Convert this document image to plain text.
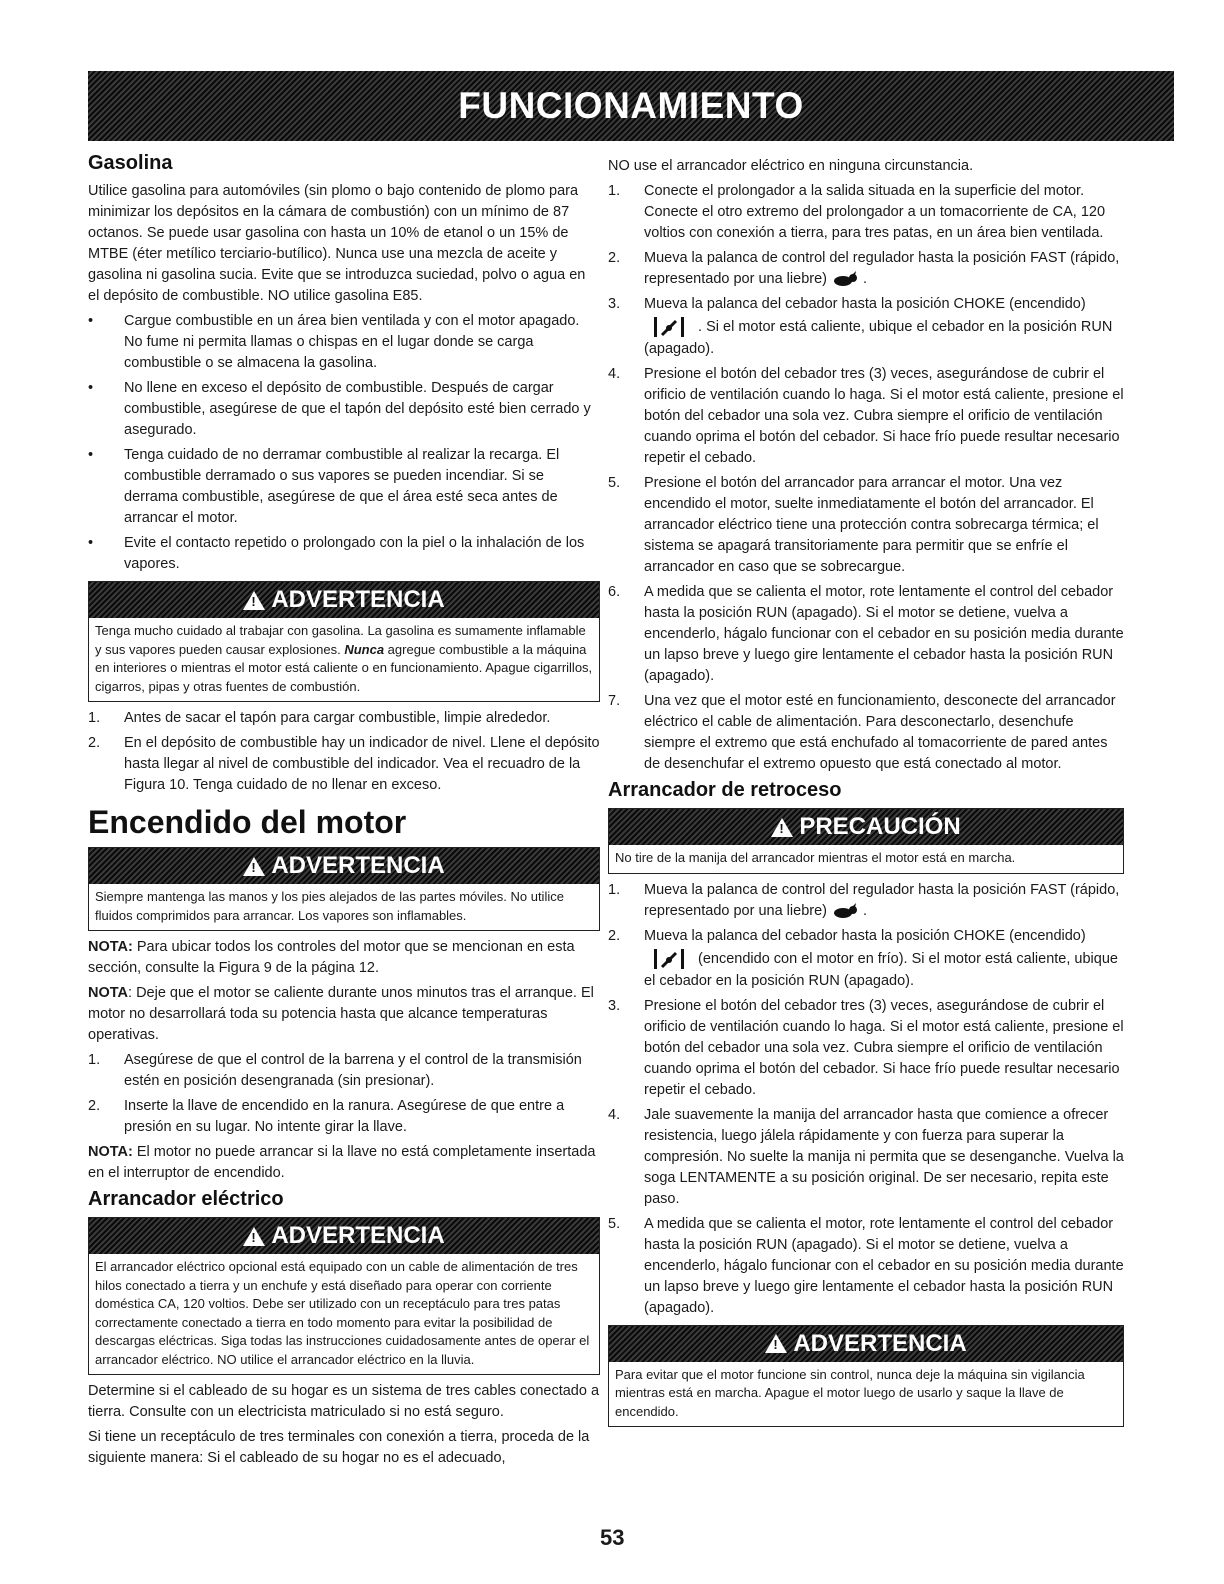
FUNCIONAMIENTO
Gasolina

Utilice gasolina para automóviles (sin plomo o bajo contenido de plomo para minimizar los depósitos en la cámara de combustión) con un mínimo de 87 octanos. Se puede usar gasolina con hasta un 10% de etanol o un 15% de MTBE (éter metílico terciario-butílico). Nunca use una mezcla de aceite y gasolina ni gasolina sucia. Evite que se introduzca suciedad, polvo o agua en el depósito de combustible. NO utilice gasolina E85.

•	Cargue combustible en un área bien ventilada y con el motor apagado. No fume ni permita llamas o chispas en el lugar donde se carga combustible o se almacena la gasolina.
•	No llene en exceso el depósito de combustible. Después de cargar combustible, asegúrese de que el tapón del depósito esté bien cerrado y asegurado.
•	Tenga cuidado de no derramar combustible al realizar la recarga. El combustible derramado o sus vapores se pueden incendiar. Si se derrama combustible, asegúrese de que el área esté seca antes de arrancar el motor.
•	Evite el contacto repetido o prolongado con la piel o la inhalación de los vapores.
!
ADVERTENCIA
Tenga mucho cuidado al trabajar con gasolina. La gasolina es sumamente inflamable y sus vapores pueden causar explosiones. Nunca agregue combustible a la máquina en interiores o mientras el motor está caliente o en funcionamiento. Apague cigarrillos, cigarros, pipas y otras fuentes de combustión.
1.	Antes de sacar el tapón para cargar combustible, limpie alrededor.
2.	En el depósito de combustible hay un indicador de nivel. Llene el depósito hasta llegar al nivel de combustible del indicador. Vea el recuadro de la Figura 10. Tenga cuidado de no llenar en exceso.
Encendido del motor
!
ADVERTENCIA
Siempre mantenga las manos y los pies alejados de las partes móviles. No utilice fluidos comprimidos para arrancar. Los vapores son inflamables.

NOTA: Para ubicar todos los controles del motor que se mencionan en esta sección, consulte la Figura 9 de la página 12.

NOTA: Deje que el motor se caliente durante unos minutos tras el arranque. El motor no desarrollará toda su potencia hasta que alcance temperaturas operativas.

1.	Asegúrese de que el control de la barrena y el control de la transmisión estén en posición desengranada (sin presionar).
2.	Inserte la llave de encendido en la ranura. Asegúrese de que entre a presión en su lugar. No intente girar la llave.

NOTA: El motor no puede arrancar si la llave no está completamente insertada en el interruptor de encendido.

Arrancador eléctrico
!
ADVERTENCIA
El arrancador eléctrico opcional está equipado con un cable de alimentación de tres hilos conectado a tierra y un enchufe y está diseñado para operar con corriente doméstica CA, 120 voltios. Debe ser utilizado con un receptáculo para tres patas correctamente conectado a tierra en todo momento para evitar la posibilidad de descargas eléctricas. Siga todas las instrucciones cuidadosamente antes de operar el arrancador eléctrico. NO utilice el arrancador eléctrico en la lluvia.

Determine si el cableado de su hogar es un sistema de tres cables conectado a tierra. Consulte con un electricista matriculado si no está seguro.

Si tiene un receptáculo de tres terminales con conexión a tierra, proceda de la siguiente manera: Si el cableado de su hogar no es el adecuado,

NO use el arrancador eléctrico en ninguna circunstancia.

1.	Conecte el prolongador a la salida situada en la superficie del motor. Conecte el otro extremo del prolongador a un tomacorriente de CA, 120 voltios con conexión a tierra, para tres patas, en un área bien ventilada.
2.	Mueva la palanca de control del regulador hasta la posición FAST (rápido, representado por una liebre) .
3.	Mueva la palanca del cebador hasta la posición CHOKE (encendido)  . Si el motor está caliente, ubique el cebador en la posición RUN (apagado).
4.	Presione el botón del cebador tres (3) veces, asegurándose de cubrir el orificio de ventilación cuando lo haga. Si el motor está caliente, presione el botón del cebador una sola vez. Cubra siempre el orificio de ventilación cuando oprima el botón del cebador. Si hace frío puede resultar necesario repetir el cebado.
5.	Presione el botón del arrancador para arrancar el motor. Una vez encendido el motor, suelte inmediatamente el botón del arrancador. El arrancador eléctrico tiene una protección contra sobrecarga térmica; el sistema se apagará transitoriamente para permitir que se enfríe el arrancador en caso que se sobrecargue.
6.	A medida que se calienta el motor, rote lentamente el control del cebador hasta la posición RUN (apagado). Si el motor se detiene, vuelva a encenderlo, hágalo funcionar con el cebador en su posición media durante un lapso breve y luego gire lentamente el cebador hasta la posición RUN (apagado).
7.	Una vez que el motor esté en funcionamiento, desconecte del arrancador eléctrico el cable de alimentación. Para desconectarlo, desenchufe siempre el extremo que está enchufado al tomacorriente de pared antes de desenchufar el extremo opuesto que está conectado al motor.
Arrancador de retroceso
!
PRECAUCIÓN
No tire de la manija del arrancador mientras el motor está en marcha.
1.	Mueva la palanca de control del regulador hasta la posición FAST (rápido, representado por una liebre) .
2.	Mueva la palanca del cebador hasta la posición CHOKE (encendido)  (encendido con el motor en frío). Si el motor está caliente, ubique el cebador en la posición RUN (apagado).
3.	Presione el botón del cebador tres (3) veces, asegurándose de cubrir el orificio de ventilación cuando lo haga. Si el motor está caliente, presione el botón del cebador una sola vez. Cubra siempre el orificio de ventilación cuando oprima el botón del cebador. Si hace frío puede resultar necesario repetir el cebado.
4.	Jale suavemente la manija del arrancador hasta que comience a ofrecer resistencia, luego jálela rápidamente y con fuerza para superar la compresión. No suelte la manija ni permita que se desenganche. Vuelva la soga LENTAMENTE a su posición original. De ser necesario, repita este paso.
5.	A medida que se calienta el motor, rote lentamente el control del cebador hasta la posición RUN (apagado). Si el motor se detiene, vuelva a encenderlo, hágalo funcionar con el cebador en su posición media durante un lapso breve y luego gire lentamente el cebador hasta la posición RUN (apagado).
!
ADVERTENCIA
Para evitar que el motor funcione sin control, nunca deje la máquina sin vigilancia mientras está en marcha. Apague el motor luego de usarlo y saque la llave de encendido.
53
